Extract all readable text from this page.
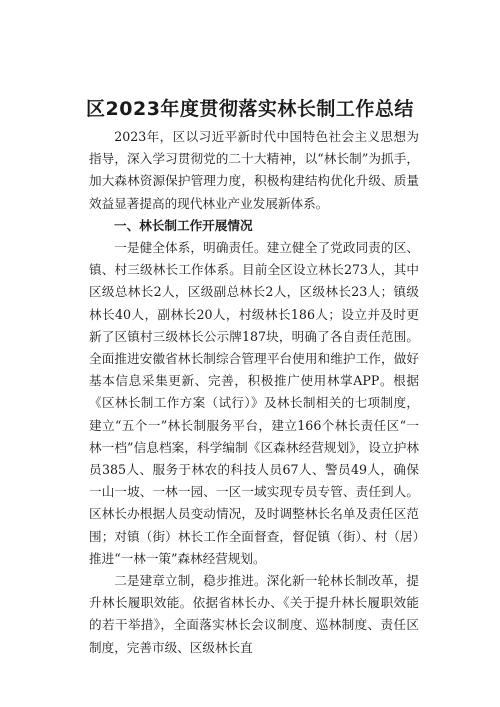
区2023年度贯彻落实林长制工作总结

2023年，区以习近平新时代中国特色社会主义思想为指导，深入学习贯彻党的二十大精神，以“林长制”为抓手，加大森林资源保护管理力度，积极构建结构优化升级、质量效益显著提高的现代林业产业发展新体系。

一、林长制工作开展情况

一是健全体系，明确责任。建立健全了党政同责的区、镇、村三级林长工作体系。目前全区设立林长273人，其中区级总林长2人，区级副总林长2人，区级林长23人；镇级林长40人，副林长20人，村级林长186人；设立并及时更新了区镇村三级林长公示牌187块，明确了各自责任范围。全面推进安徽省林长制综合管理平台使用和维护工作，做好基本信息采集更新、完善，积极推广使用林掌APP。根据《区林长制工作方案（试行）》及林长制相关的七项制度，建立“五个一”林长制服务平台，建立166个林长责任区“一林一档”信息档案，科学编制《区森林经营规划》，设立护林员385人、服务于林农的科技人员67人、警员49人，确保一山一坡、一林一园、一区一域实现专员专管、责任到人。区林长办根据人员变动情况，及时调整林长名单及责任区范围；对镇（街）林长工作全面督查，督促镇（街）、村（居）推进“一林一策”森林经营规划。

二是建章立制，稳步推进。深化新一轮林长制改革，提升林长履职效能。依据省林长办、《关于提升林长履职效能的若干举措》，全面落实林长会议制度、巡林制度、责任区制度，完善市级、区级林长直
